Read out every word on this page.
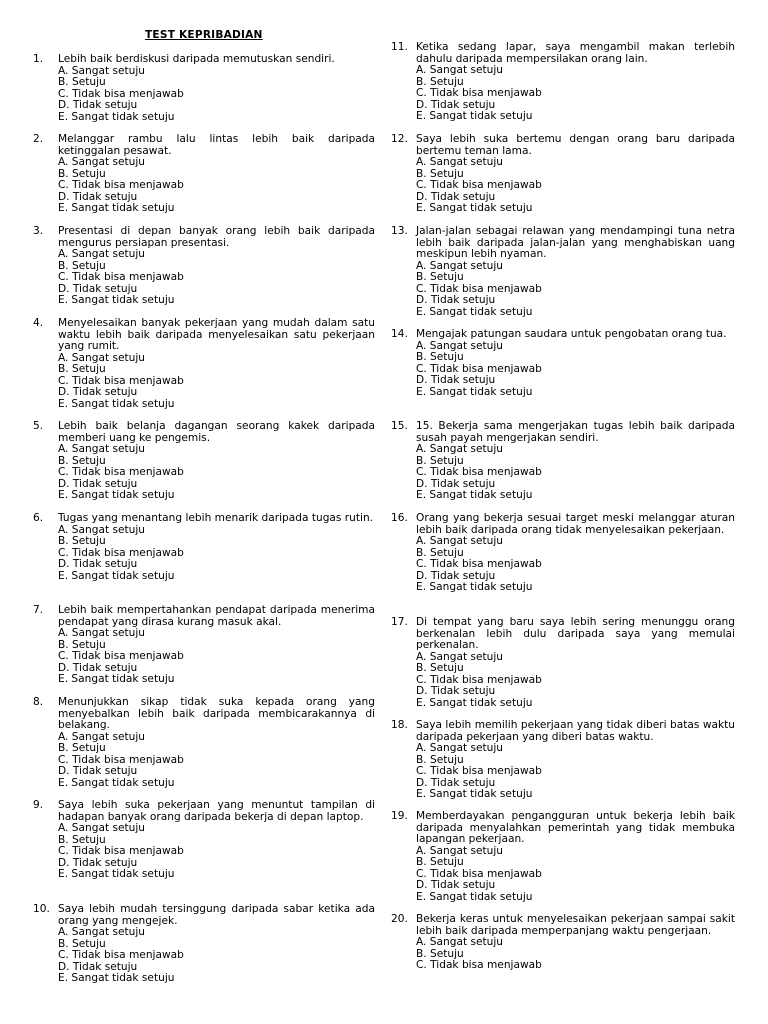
TEST KEPRIBADIAN
1. Lebih baik berdiskusi daripada memutuskan sendiri.
A. Sangat setuju
B. Setuju
C. Tidak bisa menjawab
D. Tidak setuju
E. Sangat tidak setuju
2. Melanggar rambu lalu lintas lebih baik daripada ketinggalan pesawat.
A. Sangat setuju
B. Setuju
C. Tidak bisa menjawab
D. Tidak setuju
E. Sangat tidak setuju
3. Presentasi di depan banyak orang lebih baik daripada mengurus persiapan presentasi.
A. Sangat setuju
B. Setuju
C. Tidak bisa menjawab
D. Tidak setuju
E. Sangat tidak setuju
4. Menyelesaikan banyak pekerjaan yang mudah dalam satu waktu lebih baik daripada menyelesaikan satu pekerjaan yang rumit.
A. Sangat setuju
B. Setuju
C. Tidak bisa menjawab
D. Tidak setuju
E. Sangat tidak setuju
5. Lebih baik belanja dagangan seorang kakek daripada memberi uang ke pengemis.
A. Sangat setuju
B. Setuju
C. Tidak bisa menjawab
D. Tidak setuju
E. Sangat tidak setuju
6. Tugas yang menantang lebih menarik daripada tugas rutin.
A. Sangat setuju
B. Setuju
C. Tidak bisa menjawab
D. Tidak setuju
E. Sangat tidak setuju
7. Lebih baik mempertahankan pendapat daripada menerima pendapat yang dirasa kurang masuk akal.
A. Sangat setuju
B. Setuju
C. Tidak bisa menjawab
D. Tidak setuju
E. Sangat tidak setuju
8. Menunjukkan sikap tidak suka kepada orang yang menyebalkan lebih baik daripada membicarakannya di belakang.
A. Sangat setuju
B. Setuju
C. Tidak bisa menjawab
D. Tidak setuju
E. Sangat tidak setuju
9. Saya lebih suka pekerjaan yang menuntut tampilan di hadapan banyak orang daripada bekerja di depan laptop.
A. Sangat setuju
B. Setuju
C. Tidak bisa menjawab
D. Tidak setuju
E. Sangat tidak setuju
10. Saya lebih mudah tersinggung daripada sabar ketika ada orang yang mengejek.
A. Sangat setuju
B. Setuju
C. Tidak bisa menjawab
D. Tidak setuju
E. Sangat tidak setuju
11. Ketika sedang lapar, saya mengambil makan terlebih dahulu daripada mempersilakan orang lain.
A. Sangat setuju
B. Setuju
C. Tidak bisa menjawab
D. Tidak setuju
E. Sangat tidak setuju
12. Saya lebih suka bertemu dengan orang baru daripada bertemu teman lama.
A. Sangat setuju
B. Setuju
C. Tidak bisa menjawab
D. Tidak setuju
E. Sangat tidak setuju
13. Jalan-jalan sebagai relawan yang mendampingi tuna netra lebih baik daripada jalan-jalan yang menghabiskan uang meskipun lebih nyaman.
A. Sangat setuju
B. Setuju
C. Tidak bisa menjawab
D. Tidak setuju
E. Sangat tidak setuju
14. Mengajak patungan saudara untuk pengobatan orang tua.
A. Sangat setuju
B. Setuju
C. Tidak bisa menjawab
D. Tidak setuju
E. Sangat tidak setuju
15. 15. Bekerja sama mengerjakan tugas lebih baik daripada susah payah mengerjakan sendiri.
A. Sangat setuju
B. Setuju
C. Tidak bisa menjawab
D. Tidak setuju
E. Sangat tidak setuju
16. Orang yang bekerja sesuai target meski melanggar aturan lebih baik daripada orang tidak menyelesaikan pekerjaan.
A. Sangat setuju
B. Setuju
C. Tidak bisa menjawab
D. Tidak setuju
E. Sangat tidak setuju
17. Di tempat yang baru saya lebih sering menunggu orang berkenalan lebih dulu daripada saya yang memulai perkenalan.
A. Sangat setuju
B. Setuju
C. Tidak bisa menjawab
D. Tidak setuju
E. Sangat tidak setuju
18. Saya lebih memilih pekerjaan yang tidak diberi batas waktu daripada pekerjaan yang diberi batas waktu.
A. Sangat setuju
B. Setuju
C. Tidak bisa menjawab
D. Tidak setuju
E. Sangat tidak setuju
19. Memberdayakan pengangguran untuk bekerja lebih baik daripada menyalahkan pemerintah yang tidak membuka lapangan pekerjaan.
A. Sangat setuju
B. Setuju
C. Tidak bisa menjawab
D. Tidak setuju
E. Sangat tidak setuju
20. Bekerja keras untuk menyelesaikan pekerjaan sampai sakit lebih baik daripada memperpanjang waktu pengerjaan.
A. Sangat setuju
B. Setuju
C. Tidak bisa menjawab
